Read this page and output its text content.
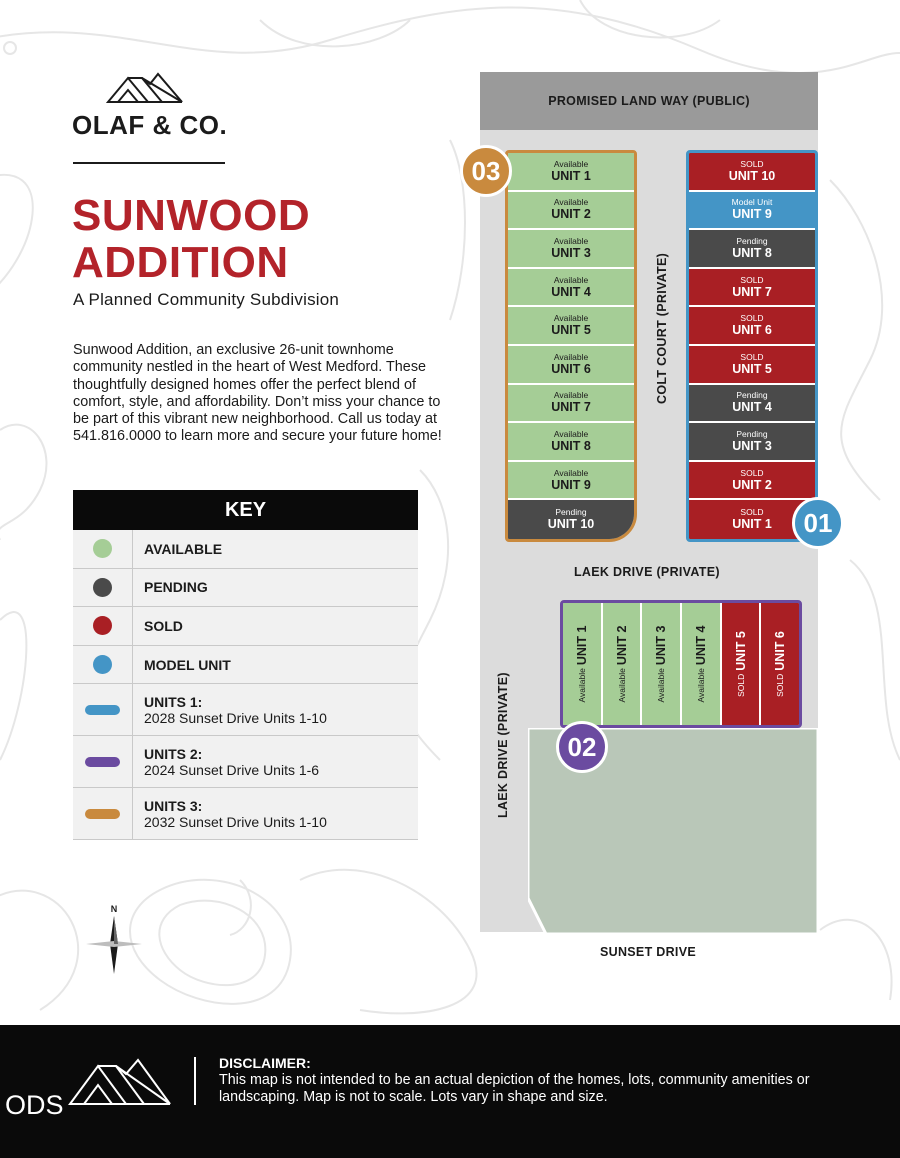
OLAF & CO.
SUNWOOD
ADDITION
A Planned Community Subdivision
Sunwood Addition, an exclusive 26-unit townhome community nestled in the heart of West Medford. These thoughtfully designed homes offer the perfect blend of comfort, style, and affordability. Don’t miss your chance to be part of this vibrant new neighborhood. Call us today at 541.816.0000 to learn more and secure your future home!
KEY
AVAILABLE
PENDING
SOLD
MODEL UNIT
UNITS 1:
2028 Sunset Drive Units 1-10
UNITS 2:
2024 Sunset Drive Units 1-6
UNITS 3:
2032 Sunset Drive Units 1-10
N
PROMISED LAND WAY (PUBLIC)
COLT COURT (PRIVATE)
LAEK DRIVE (PRIVATE)
LAEK DRIVE (PRIVATE)
SUNSET DRIVE
Available
UNIT 1
Available
UNIT 2
Available
UNIT 3
Available
UNIT 4
Available
UNIT 5
Available
UNIT 6
Available
UNIT 7
Available
UNIT 8
Available
UNIT 9
Pending
UNIT 10
03	SOLD
UNIT 10
Model Unit
UNIT 9
Pending
UNIT 8
SOLD
UNIT 7
SOLD
UNIT 6
SOLD
UNIT 5
Pending
UNIT 4
Pending
UNIT 3
SOLD
UNIT 2
SOLD
UNIT 1	01
Available
UNIT 1
Available
UNIT 2
Available
UNIT 3
Available
UNIT 4
SOLD
UNIT 5
SOLD
UNIT 6
02
ODS
DISCLAIMER:
This map is not intended to be an actual depiction of the homes, lots, community amenities or landscaping. Map is not to scale. Lots vary in shape and size.
